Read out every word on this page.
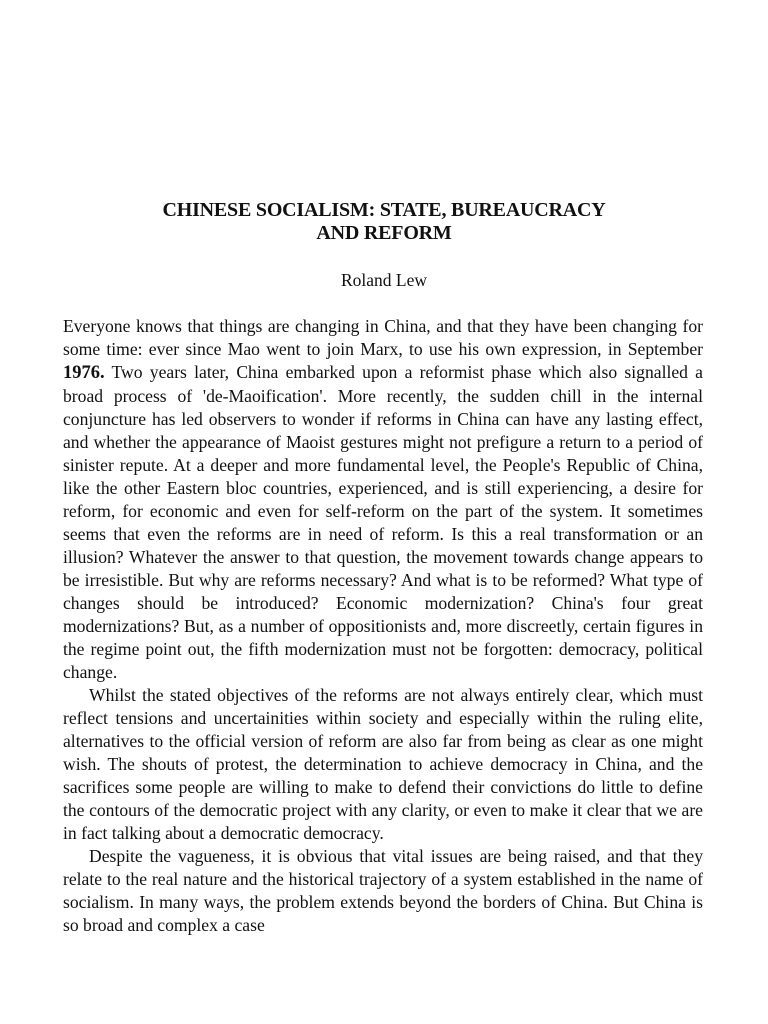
CHINESE SOCIALISM: STATE, BUREAUCRACY
AND REFORM
Roland Lew

Everyone knows that things are changing in China, and that they have been changing for some time: ever since Mao went to join Marx, to use his own expression, in September 1976. Two years later, China embarked upon a reformist phase which also signalled a broad process of 'de-Maoification'. More recently, the sudden chill in the internal conjuncture has led observers to wonder if reforms in China can have any lasting effect, and whether the appearance of Maoist gestures might not prefigure a return to a period of sinister repute. At a deeper and more fundamental level, the People's Republic of China, like the other Eastern bloc countries, experienced, and is still experiencing, a desire for reform, for economic and even for self-reform on the part of the system. It sometimes seems that even the reforms are in need of reform. Is this a real transformation or an illusion? Whatever the answer to that question, the movement towards change appears to be irresistible. But why are reforms necessary? And what is to be reformed? What type of changes should be introduced? Economic modernization? China's four great modernizations? But, as a number of oppositionists and, more discreetly, certain figures in the regime point out, the fifth modernization must not be forgotten: democracy, political change.

Whilst the stated objectives of the reforms are not always entirely clear, which must reflect tensions and uncertainities within society and especially within the ruling elite, alternatives to the official version of reform are also far from being as clear as one might wish. The shouts of protest, the determination to achieve democracy in China, and the sacrifices some people are willing to make to defend their convictions do little to define the contours of the democratic project with any clarity, or even to make it clear that we are in fact talking about a democratic democracy.

Despite the vagueness, it is obvious that vital issues are being raised, and that they relate to the real nature and the historical trajectory of a system established in the name of socialism. In many ways, the problem extends beyond the borders of China. But China is so broad and complex a case
